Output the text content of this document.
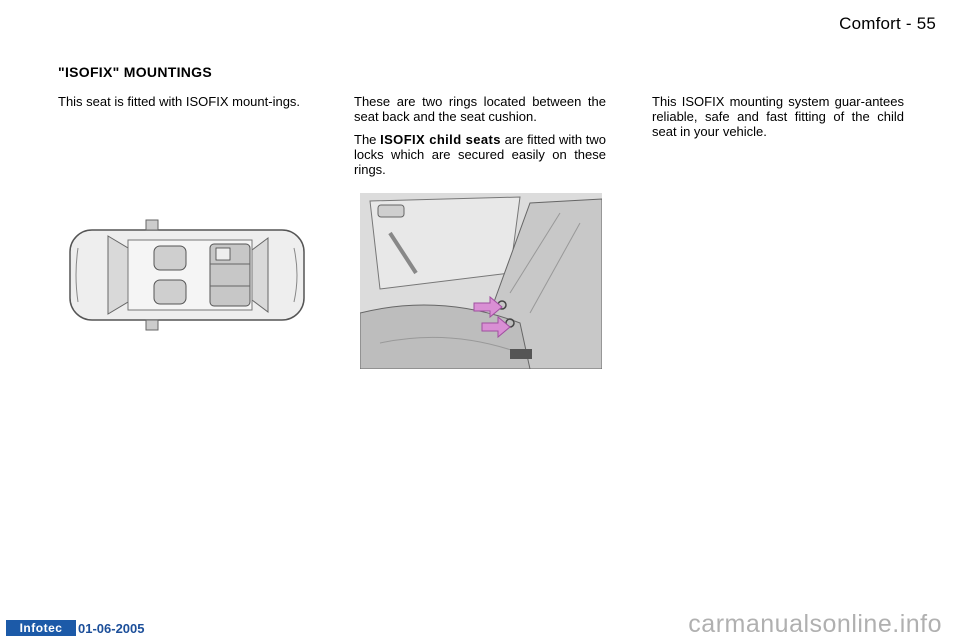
Comfort - 55
"ISOFIX" MOUNTINGS

This seat is fitted with ISOFIX mount-ings.	These are two rings located between the seat back and the seat cushion.

The ISOFIX child seats are fitted with two locks which are secured easily on these rings.

This ISOFIX mounting system guar-antees reliable, safe and fast fitting of the child seat in your vehicle.

Infotec	01-06-2005	carmanualsonline.info
